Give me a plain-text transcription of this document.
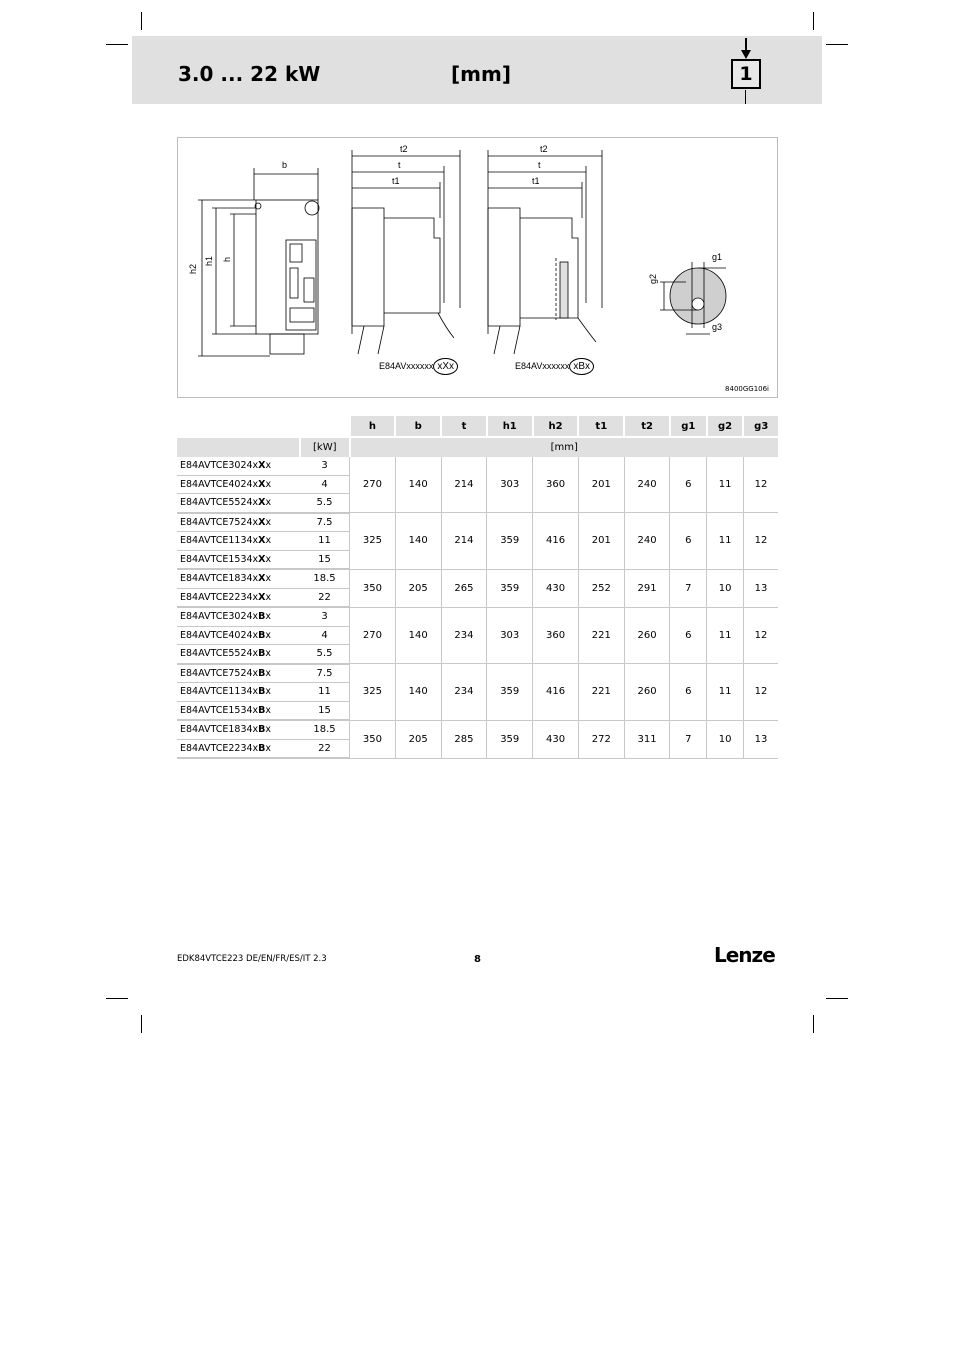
3.0 ... 22 kW	[mm]	1
b
t2
t
t1
t2
t
t1
g1
g3
h2
h1 h
g2
E84AVxxxxxx xXx	E84AVxxxxxx xBx
8400GG106i
		h	b	t	h1	h2	t1	t2	g1	g2	g3
	[kW]	[mm]									
E84AVTCE3024xXx	3	270	140	214	303	360	201	240	6	11	12
E84AVTCE4024xXx	4										
E84AVTCE5524xXx	5.5										
E84AVTCE7524xXx	7.5	325	140	214	359	416	201	240	6	11	12
E84AVTCE1134xXx	11										
E84AVTCE1534xXx	15										
E84AVTCE1834xXx	18.5	350	205	265	359	430	252	291	7	10	13
E84AVTCE2234xXx	22										
E84AVTCE3024xBx	3	270	140	234	303	360	221	260	6	11	12
E84AVTCE4024xBx	4										
E84AVTCE5524xBx	5.5										
E84AVTCE7524xBx	7.5	325	140	234	359	416	221	260	6	11	12
E84AVTCE1134xBx	11										
E84AVTCE1534xBx	15										
E84AVTCE1834xBx	18.5	350	205	285	359	430	272	311	7	10	13
E84AVTCE2234xBx	22										
EDK84VTCE223 DE/EN/FR/ES/IT 2.3	8	Lenze
